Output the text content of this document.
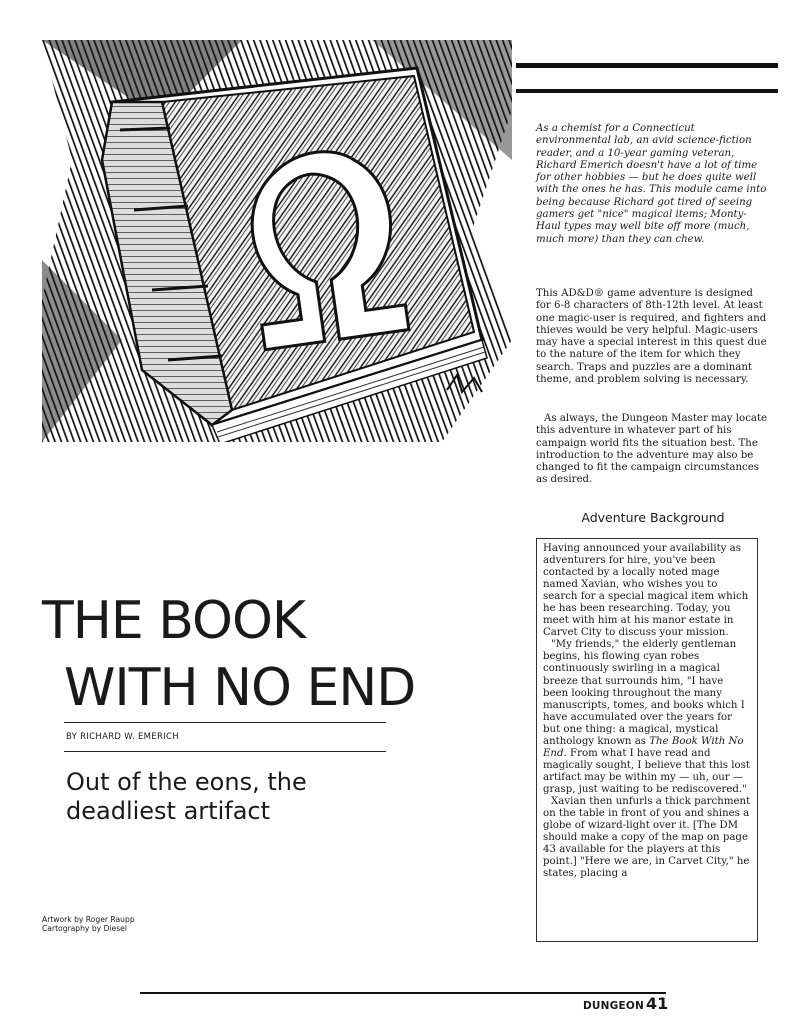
As a chemist for a Connecticut environmental lab, an avid science-fiction reader, and a 10-year gaming veteran, Richard Emerich doesn't have a lot of time for other hobbies — but he does quite well with the ones he has. This module came into being because Richard got tired of seeing gamers get "nice" magical items; Monty-Haul types may well bite off more (much, much more) than they can chew.
This AD&D® game adventure is designed for 6-8 characters of 8th-12th level. At least one magic-user is required, and fighters and thieves would be very helpful. Magic-users may have a special interest in this quest due to the nature of the item for which they search. Traps and puzzles are a dominant theme, and problem solving is necessary.
As always, the Dungeon Master may locate this adventure in whatever part of his campaign world fits the situation best. The introduction to the adventure may also be changed to fit the campaign circumstances as desired.
Adventure Background

Having announced your availability as adventurers for hire, you've been contacted by a locally noted mage named Xavian, who wishes you to search for a special magical item which he has been researching. Today, you meet with him at his manor estate in Carvet City to discuss your mission.

"My friends," the elderly gentleman begins, his flowing cyan robes continuously swirling in a magical breeze that surrounds him, "I have been looking throughout the many manuscripts, tomes, and books which I have accumulated over the years for but one thing: a magical, mystical anthology known as The Book With No End. From what I have read and magically sought, I believe that this lost artifact may be within my — uh, our — grasp, just waiting to be rediscovered."

Xavian then unfurls a thick parchment on the table in front of you and shines a globe of wizard-light over it. [The DM should make a copy of the map on page 43 available for the players at this point.] "Here we are, in Carvet City," he states, placing a

THE BOOK
WITH NO END
BY RICHARD W. EMERICH
Out of the eons, the deadliest artifact
Artwork by Roger Raupp
Cartography by Diesel
DUNGEON 41
